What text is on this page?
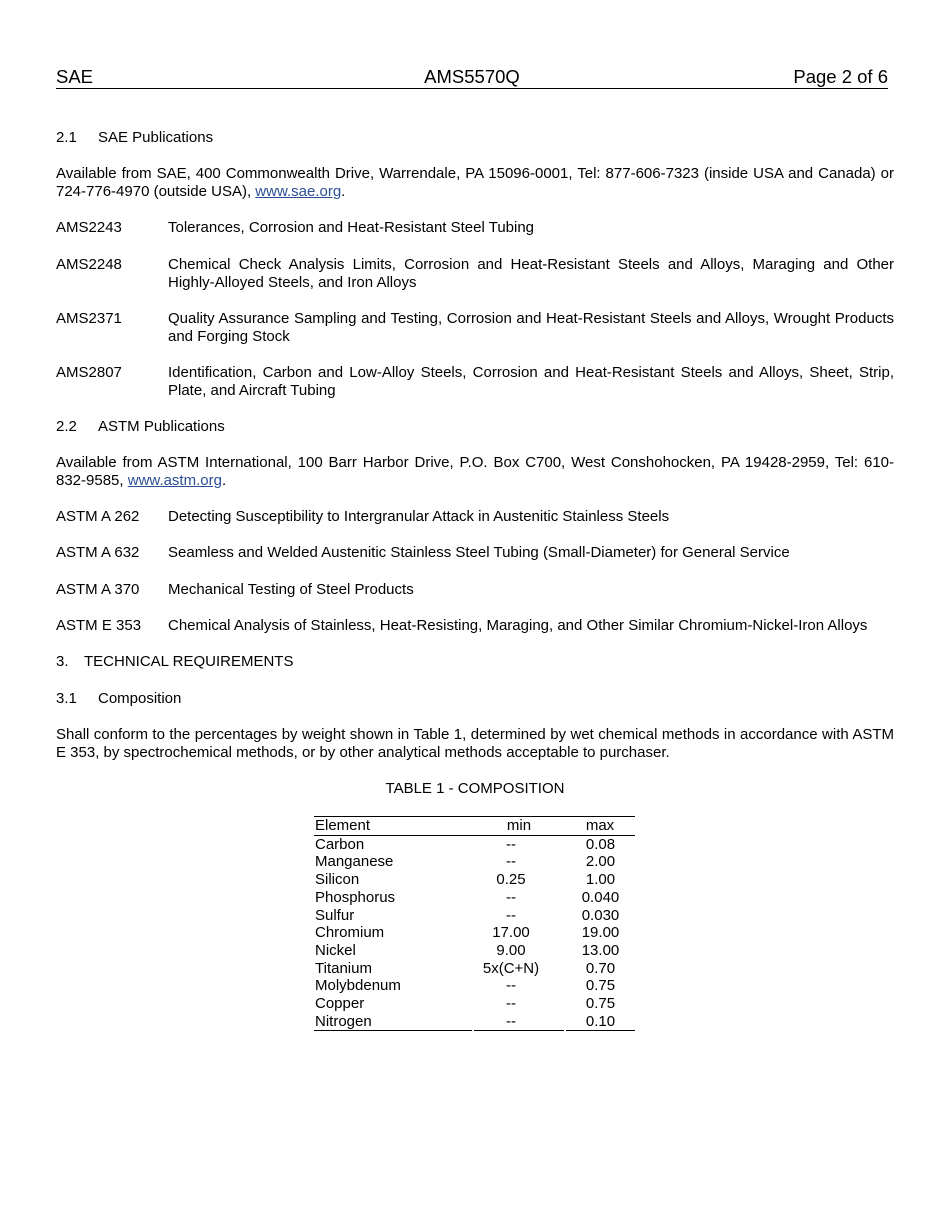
SAE	AMS5570Q	Page 2 of 6
2.1 SAE Publications
Available from SAE, 400 Commonwealth Drive, Warrendale, PA 15096-0001, Tel: 877-606-7323 (inside USA and Canada) or 724-776-4970 (outside USA), www.sae.org.
AMS2243	Tolerances, Corrosion and Heat-Resistant Steel Tubing
AMS2248	Chemical Check Analysis Limits, Corrosion and Heat-Resistant Steels and Alloys, Maraging and Other Highly-Alloyed Steels, and Iron Alloys
AMS2371	Quality Assurance Sampling and Testing, Corrosion and Heat-Resistant Steels and Alloys, Wrought Products and Forging Stock
AMS2807	Identification, Carbon and Low-Alloy Steels, Corrosion and Heat-Resistant Steels and Alloys, Sheet, Strip, Plate, and Aircraft Tubing
2.2 ASTM Publications
Available from ASTM International, 100 Barr Harbor Drive, P.O. Box C700, West Conshohocken, PA 19428-2959, Tel: 610-832-9585, www.astm.org.
ASTM A 262 Detecting Susceptibility to Intergranular Attack in Austenitic Stainless Steels
ASTM A 632 Seamless and Welded Austenitic Stainless Steel Tubing (Small-Diameter) for General Service
ASTM A 370 Mechanical Testing of Steel Products
ASTM E 353 Chemical Analysis of Stainless, Heat-Resisting, Maraging, and Other Similar Chromium-Nickel-Iron Alloys
3. TECHNICAL REQUIREMENTS
3.1 Composition
Shall conform to the percentages by weight shown in Table 1, determined by wet chemical methods in accordance with ASTM E 353, by spectrochemical methods, or by other analytical methods acceptable to purchaser.
TABLE 1 - COMPOSITION
Element	min	max
Carbon	--	0.08
Manganese	--	2.00
Silicon	0.25	1.00
Phosphorus	--	0.040
Sulfur	--	0.030
Chromium	17.00	19.00
Nickel	9.00	13.00
Titanium	5x(C+N)	0.70
Molybdenum	--	0.75
Copper	--	0.75
Nitrogen	--	0.10
